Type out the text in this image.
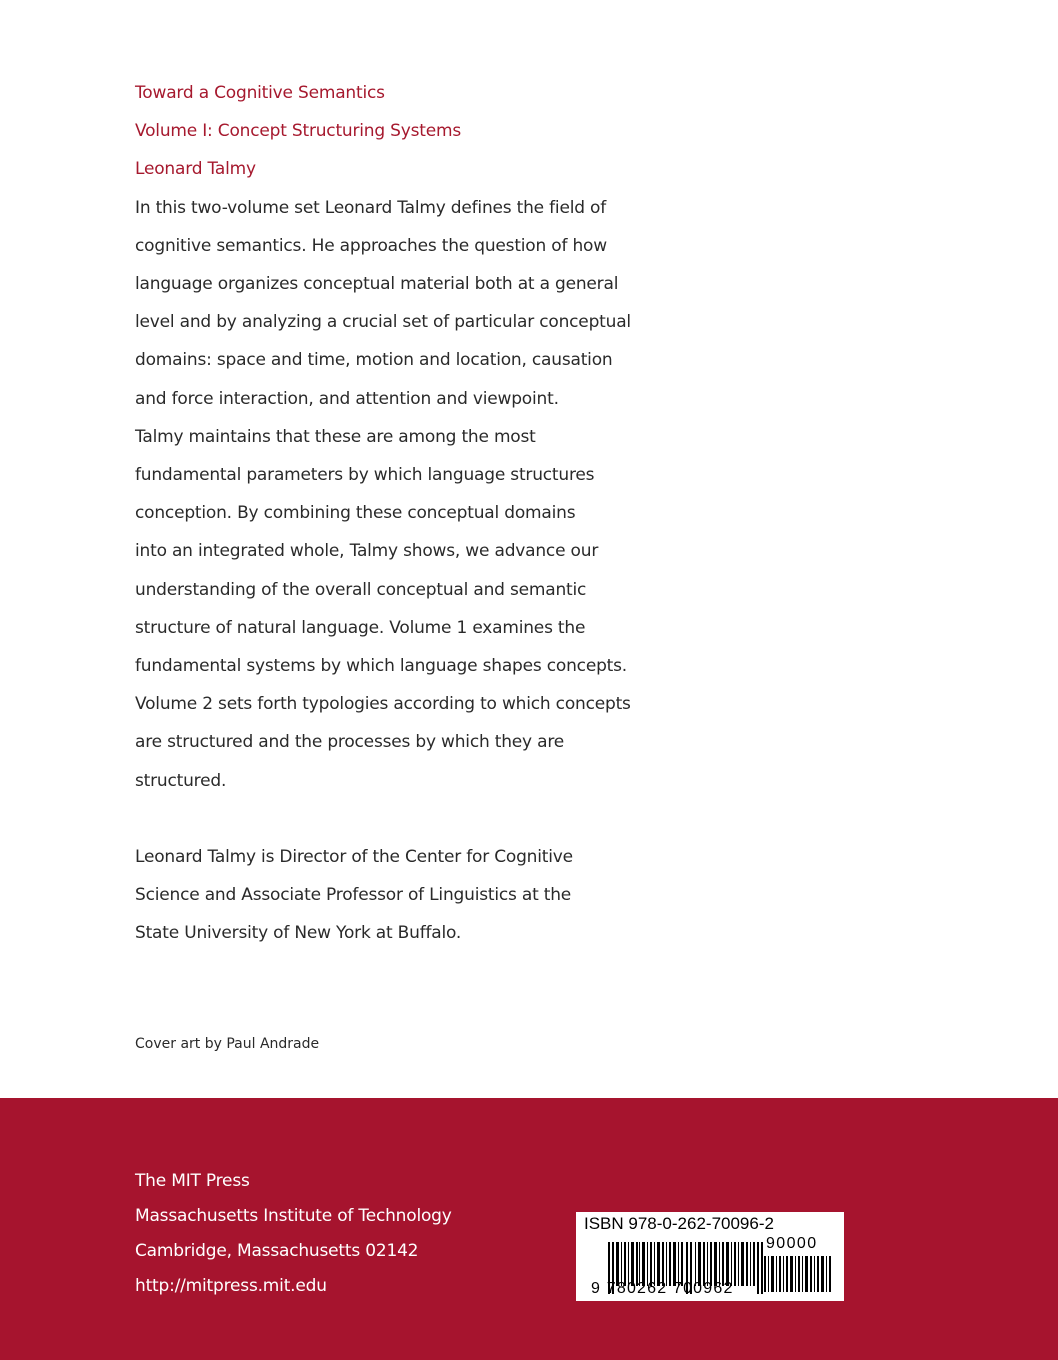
Toward a Cognitive Semantics
Volume I: Concept Structuring Systems
Leonard Talmy
In this two-volume set Leonard Talmy defines the field of
cognitive semantics. He approaches the question of how
language organizes conceptual material both at a general
level and by analyzing a crucial set of particular conceptual
domains: space and time, motion and location, causation
and force interaction, and attention and viewpoint.
Talmy maintains that these are among the most
fundamental parameters by which language structures
conception. By combining these conceptual domains
into an integrated whole, Talmy shows, we advance our
understanding of the overall conceptual and semantic
structure of natural language. Volume 1 examines the
fundamental systems by which language shapes concepts.
Volume 2 sets forth typologies according to which concepts
are structured and the processes by which they are
structured.
Leonard Talmy is Director of the Center for Cognitive
Science and Associate Professor of Linguistics at the
State University of New York at Buffalo.
Cover art by Paul Andrade
The MIT Press
Massachusetts Institute of Technology
Cambridge, Massachusetts 02142
http://mitpress.mit.edu
ISBN 978-0-262-70096-2
9 780262 700962
90000
